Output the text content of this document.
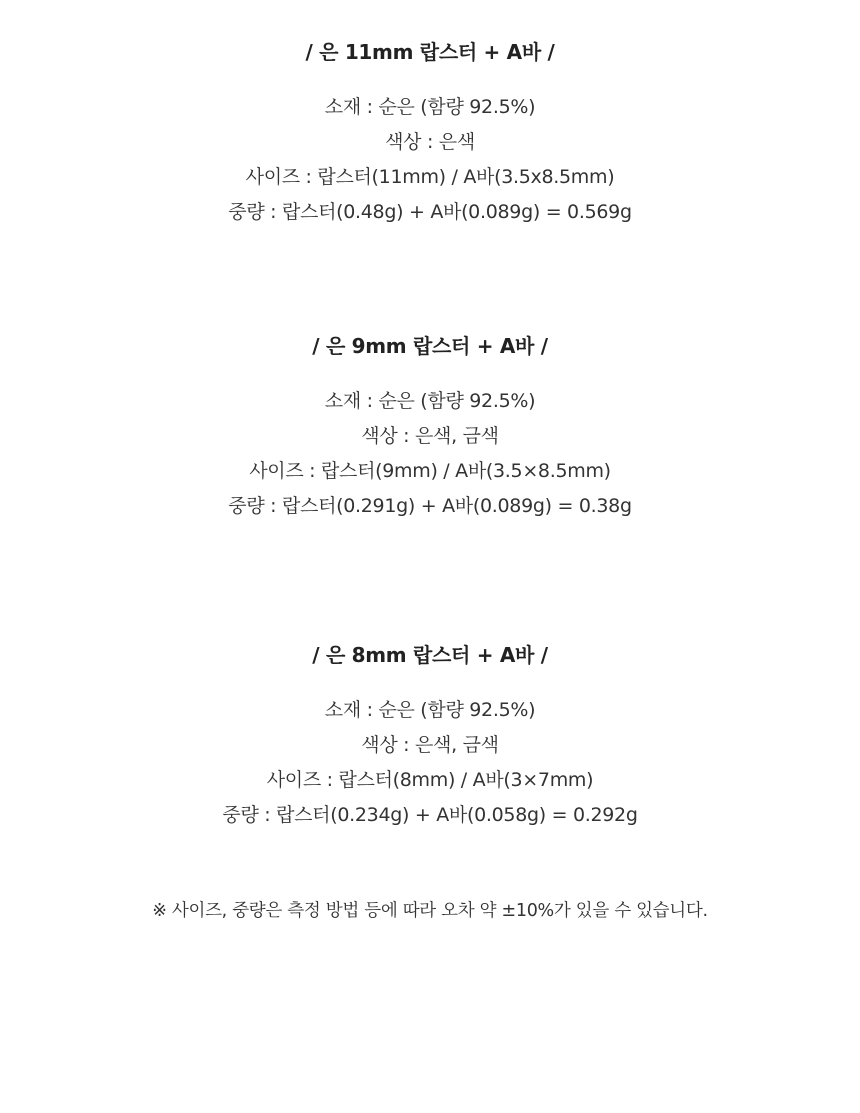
/ 은 11mm 랍스터 + A바 /
소재 : 순은 (함량 92.5%)
색상 : 은색
사이즈 : 랍스터(11mm) / A바(3.5x8.5mm)
중량 : 랍스터(0.48g) + A바(0.089g) = 0.569g
/ 은 9mm 랍스터 + A바 /
소재 : 순은 (함량 92.5%)
색상 : 은색, 금색
사이즈 : 랍스터(9mm) / A바(3.5×8.5mm)
중량 : 랍스터(0.291g) + A바(0.089g) = 0.38g
/ 은 8mm 랍스터 + A바 /
소재 : 순은 (함량 92.5%)
색상 : 은색, 금색
사이즈 : 랍스터(8mm) / A바(3×7mm)
중량 : 랍스터(0.234g) + A바(0.058g) = 0.292g
※ 사이즈, 중량은 측정 방법 등에 따라 오차 약 ±10%가 있을 수 있습니다.
